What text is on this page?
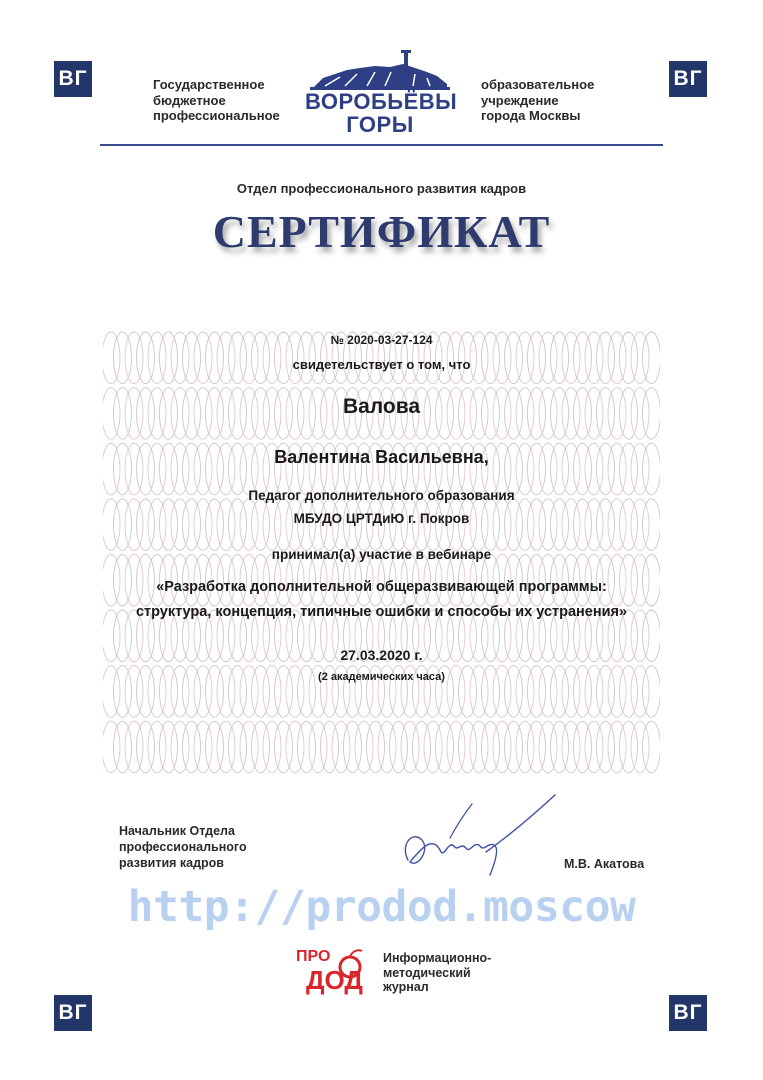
ВГ	ВГ
Государственное
бюджетное
профессиональное
ВОРОБЬЁВЫ
ГОРЫ
образовательное
учреждение
города Москвы
Отдел профессионального развития кадров
СЕРТИФИКАТ
№ 2020-03-27-124
свидетельствует о том, что
Валова
Валентина Васильевна,
Педагог дополнительного образования
МБУДО ЦРТДиЮ г. Покров
принимал(а) участие в вебинаре
«Разработка дополнительной общеразвивающей программы:
структура, концепция, типичные ошибки и способы их устранения»
27.03.2020 г.
(2 академических часа)
Начальник Отдела
профессионального
развития кадров	М.В. Акатова
http://prodod.moscow
ПРО
ДОД
Информационно-
методический
журнал
ВГ	ВГ
